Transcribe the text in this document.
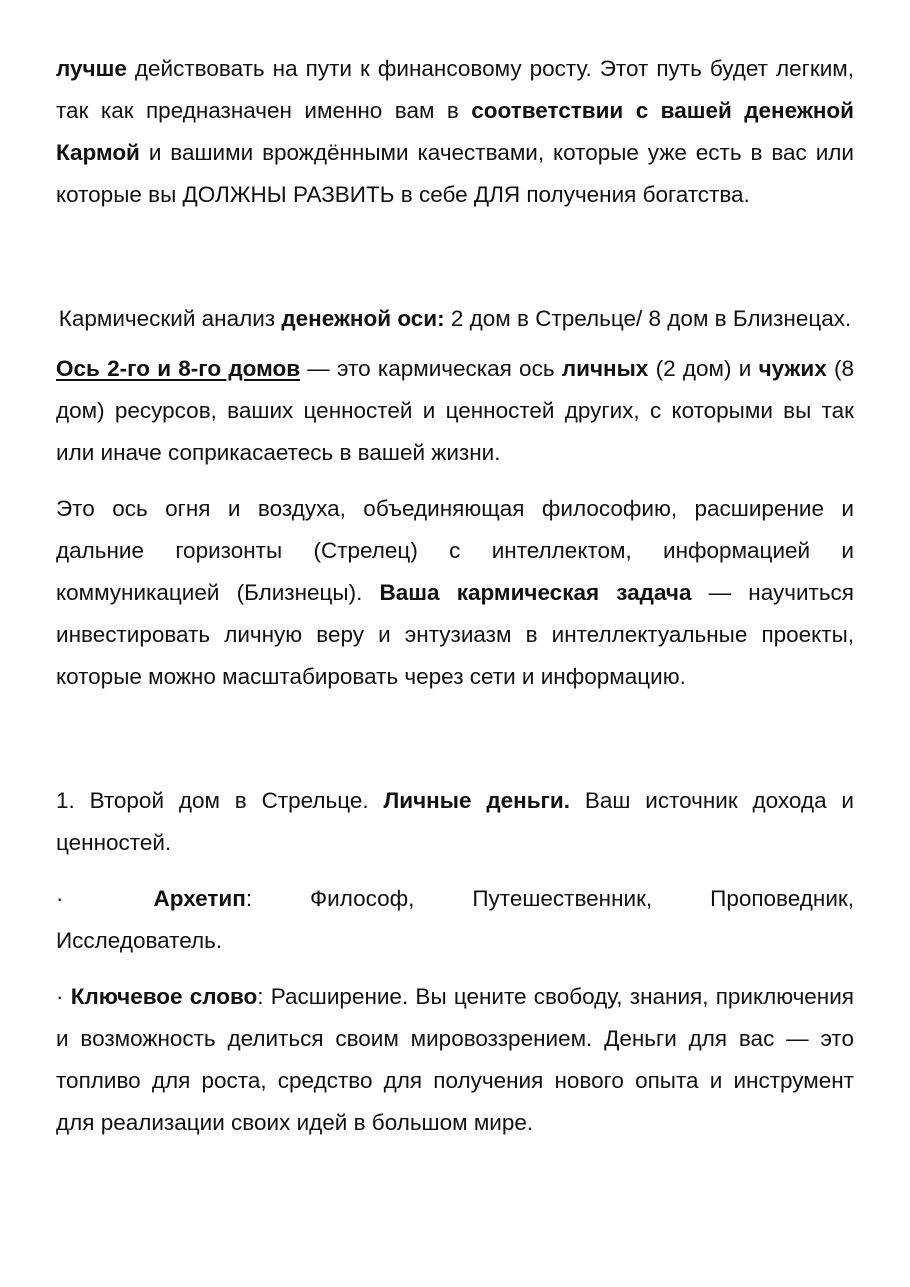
лучше действовать на пути к финансовому росту. Этот путь будет легким, так как предназначен именно вам в соответствии с вашей денежной Кармой и вашими врождёнными качествами, которые уже есть в вас или которые вы ДОЛЖНЫ РАЗВИТЬ в себе ДЛЯ получения богатства.

Кармический анализ денежной оси: 2 дом в Стрельце/ 8 дом в Близнецах.

Ось 2-го и 8-го домов — это кармическая ось личных (2 дом) и чужих (8 дом) ресурсов, ваших ценностей и ценностей других, с которыми вы так или иначе соприкасаетесь в вашей жизни.

Это ось огня и воздуха, объединяющая философию, расширение и дальние горизонты (Стрелец) с интеллектом, информацией и коммуникацией (Близнецы). Ваша кармическая задача — научиться инвестировать личную веру и энтузиазм в интеллектуальные проекты, которые можно масштабировать через сети и информацию.

1. Второй дом в Стрельце. Личные деньги. Ваш источник дохода и ценностей.

·	Архетип: Философ, Путешественник, Проповедник, Исследователь.

· Ключевое слово: Расширение. Вы цените свободу, знания, приключения и возможность делиться своим мировоззрением. Деньги для вас — это топливо для роста, средство для получения нового опыта и инструмент для реализации своих идей в большом мире.
